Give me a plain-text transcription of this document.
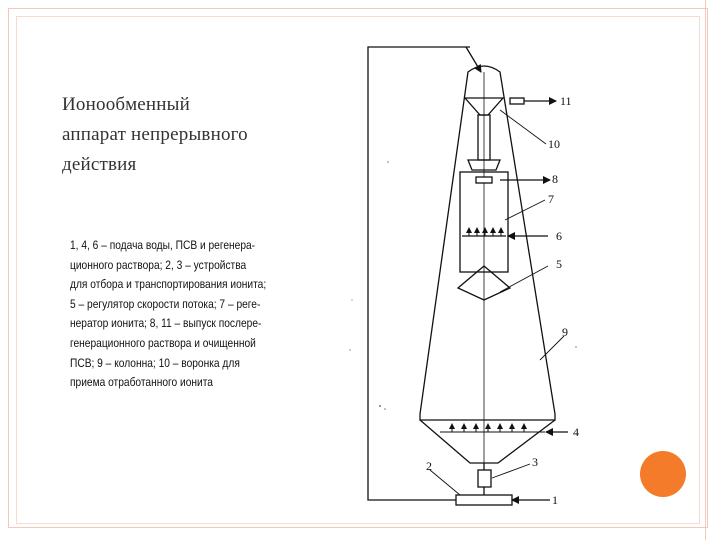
Ионообменный
аппарат непрерывного
действия
1, 4, 6 – подача воды, ПСВ и регенера-
ционного раствора; 2, 3 – устройства
для отбора и транспортирования ионита;
5 – регулятор скорости потока; 7 – реге-
нератор ионита; 8, 11 – выпуск послере-
генерационного раствора и очищенной
ПСВ; 9 – колонна; 10 – воронка для
приема отработанного ионита
11
10
8
7
6
5
9
4
3
2
1
